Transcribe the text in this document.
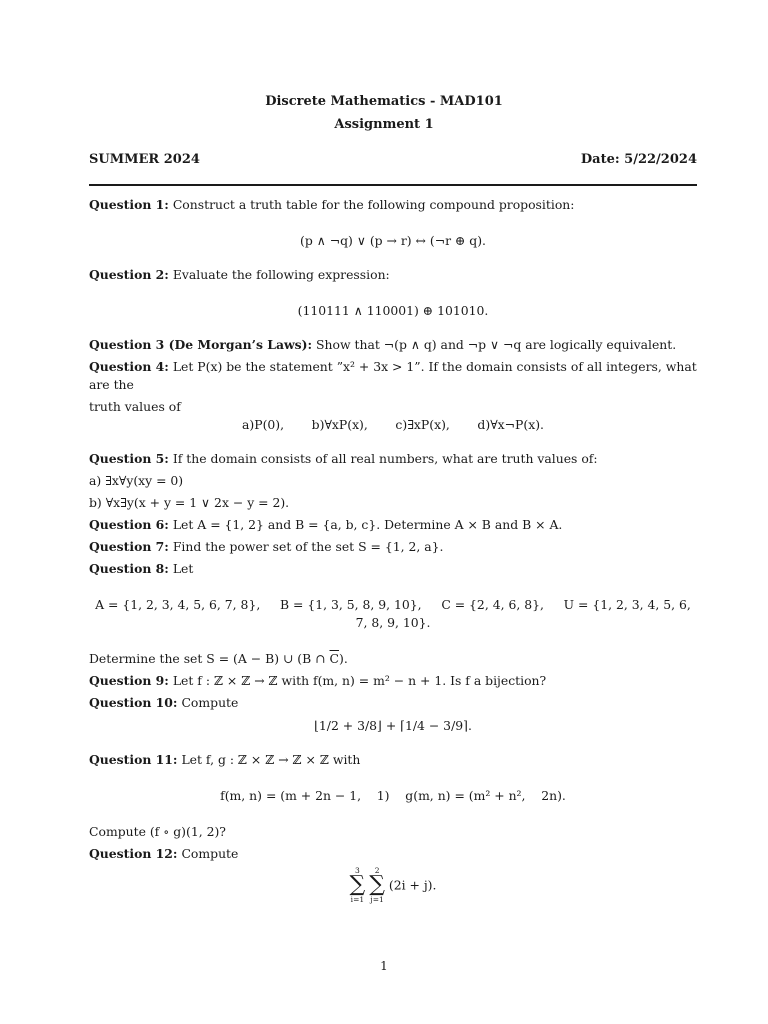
Discrete Mathematics - MAD101
Assignment 1
SUMMER 2024	Date: 5/22/2024

Question 1: Construct a truth table for the following compound proposition:

(p ∧ ¬q) ∨ (p → r) ↔ (¬r ⊕ q).

Question 2: Evaluate the following expression:

(110111 ∧ 110001) ⊕ 101010.

Question 3 (De Morgan’s Laws): Show that ¬(p ∧ q) and ¬p ∨ ¬q are logically equivalent.

Question 4: Let P(x) be the statement ”x² + 3x > 1”. If the domain consists of all integers, what are the

truth values of

a)P(0), b)∀xP(x), c)∃xP(x), d)∀x¬P(x).

Question 5: If the domain consists of all real numbers, what are truth values of:

a) ∃x∀y(xy = 0)

b) ∀x∃y(x + y = 1 ∨ 2x − y = 2).

Question 6: Let A = {1, 2} and B = {a, b, c}. Determine A × B and B × A.

Question 7: Find the power set of the set S = {1, 2, a}.

Question 8: Let

A = {1, 2, 3, 4, 5, 6, 7, 8}, B = {1, 3, 5, 8, 9, 10}, C = {2, 4, 6, 8}, U = {1, 2, 3, 4, 5, 6, 7, 8, 9, 10}.

Determine the set S = (A − B) ∪ (B ∩ $\overline{C}$).

Question 9: Let f : ℤ × ℤ → ℤ with f(m, n) = m² − n + 1. Is f a bijection?

Question 10: Compute

⌊1/2 + 3/8⌋ + ⌈1/4 − 3/9⌉.

Question 11: Let f, g : ℤ × ℤ → ℤ × ℤ with

f(m, n) = (m + 2n − 1,    1) g(m, n) = (m² + n²,    2n).

Compute (f ∘ g)(1, 2)?

Question 12: Compute

3
∑
i=1

2
∑
j=1
(2i + j).
1
